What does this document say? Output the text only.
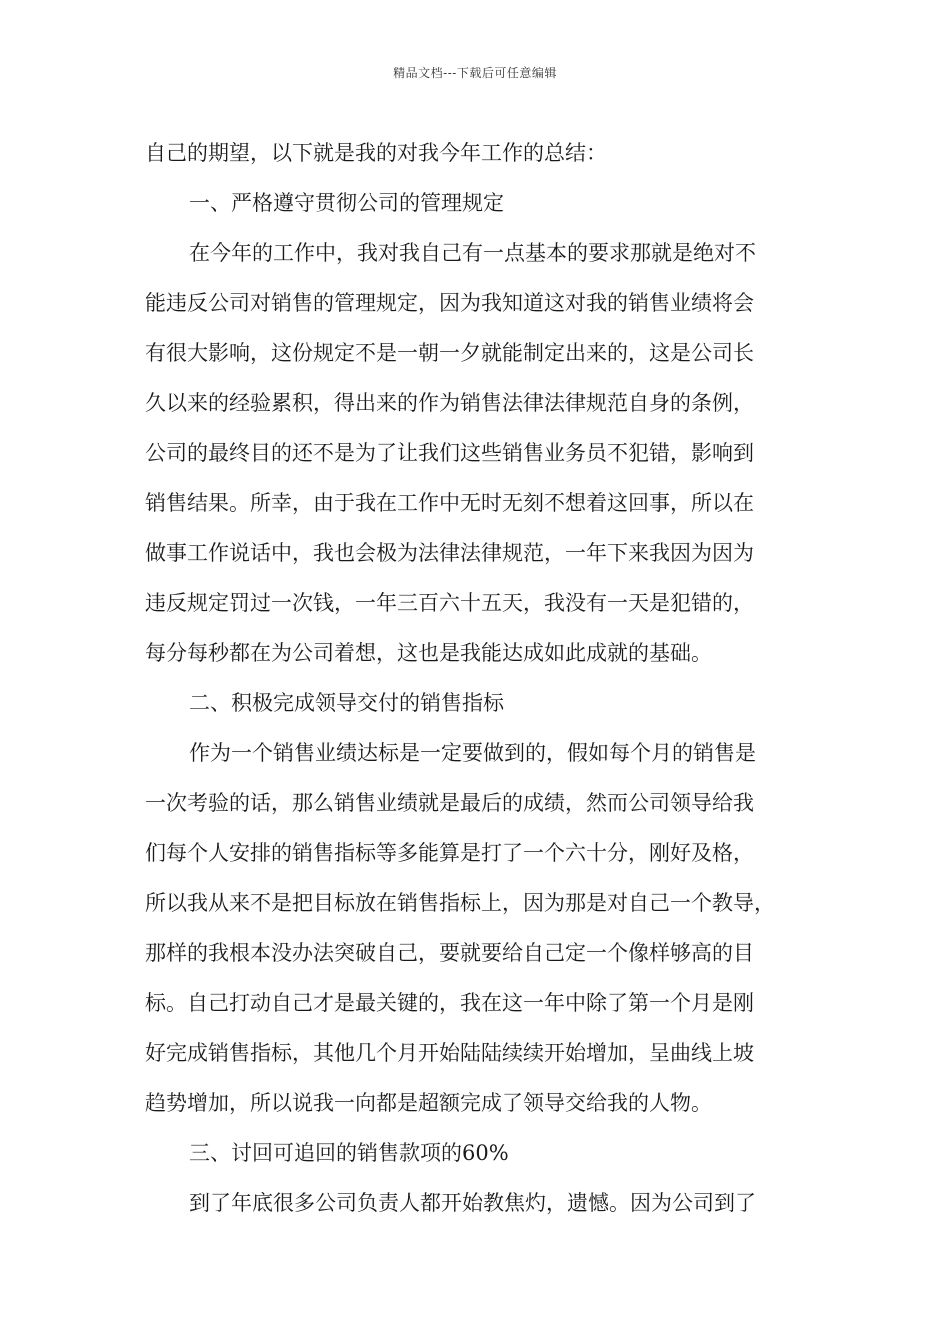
精品文档---下载后可任意编辑
自己的期望，以下就是我的对我今年工作的总结：
一、严格遵守贯彻公司的管理规定
在今年的工作中，我对我自己有一点基本的要求那就是绝对不
能违反公司对销售的管理规定，因为我知道这对我的销售业绩将会
有很大影响，这份规定不是一朝一夕就能制定出来的，这是公司长
久以来的经验累积，得出来的作为销售法律法律规范自身的条例，
公司的最终目的还不是为了让我们这些销售业务员不犯错，影响到
销售结果。所幸，由于我在工作中无时无刻不想着这回事，所以在
做事工作说话中，我也会极为法律法律规范，一年下来我因为因为
违反规定罚过一次钱，一年三百六十五天，我没有一天是犯错的，
每分每秒都在为公司着想，这也是我能达成如此成就的基础。
二、积极完成领导交付的销售指标
作为一个销售业绩达标是一定要做到的，假如每个月的销售是
一次考验的话，那么销售业绩就是最后的成绩，然而公司领导给我
们每个人安排的销售指标等多能算是打了一个六十分，刚好及格，
所以我从来不是把目标放在销售指标上，因为那是对自己一个教导，
那样的我根本没办法突破自己，要就要给自己定一个像样够高的目
标。自己打动自己才是最关键的，我在这一年中除了第一个月是刚
好完成销售指标，其他几个月开始陆陆续续开始增加，呈曲线上坡
趋势增加，所以说我一向都是超额完成了领导交给我的人物。
三、讨回可追回的销售款项的60%
到了年底很多公司负责人都开始教焦灼，遗憾。因为公司到了
